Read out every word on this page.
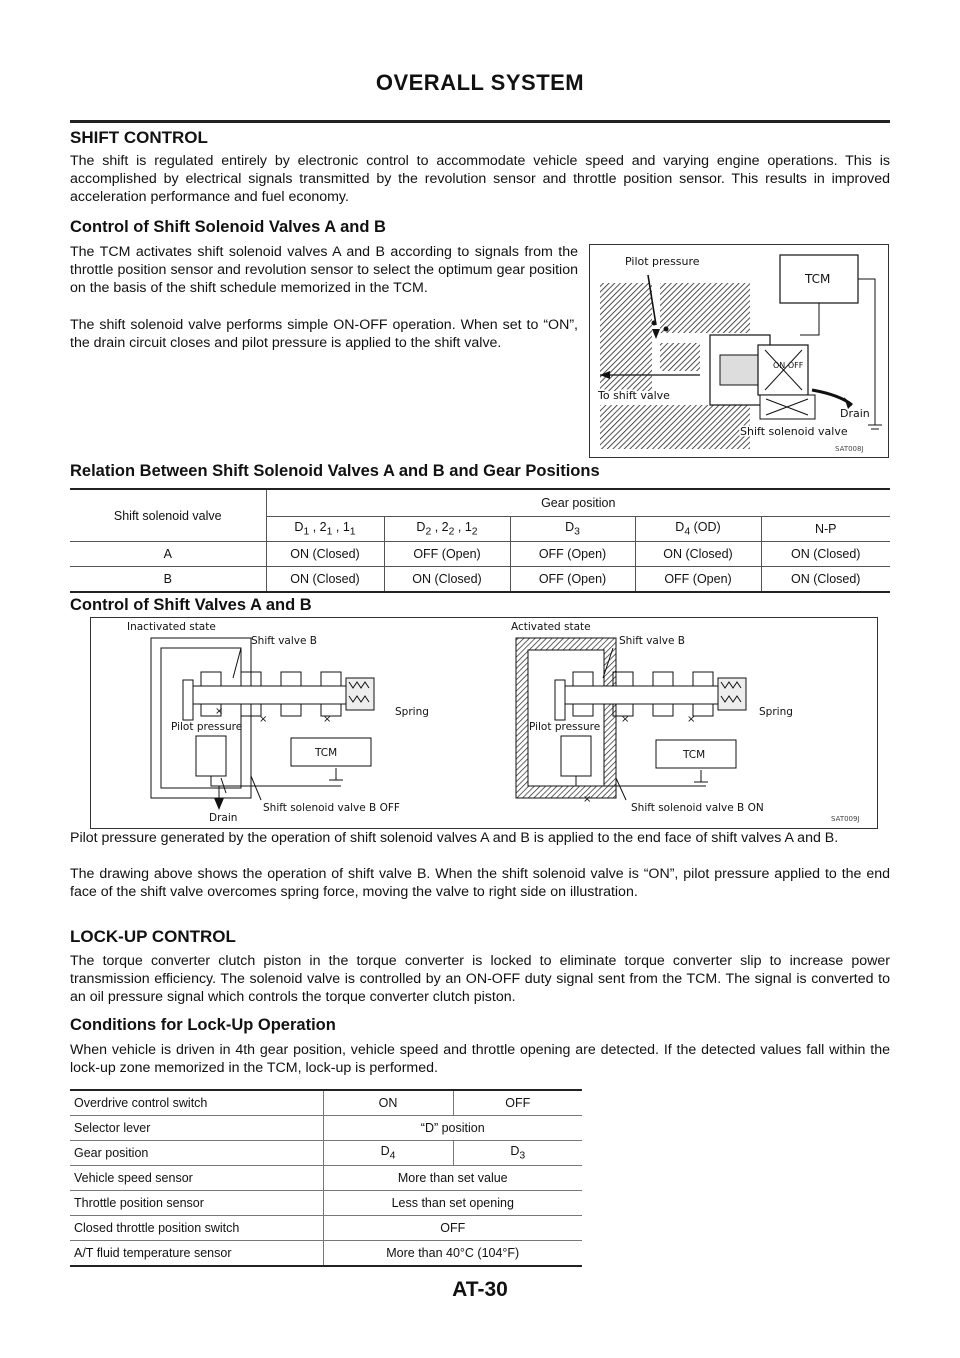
OVERALL SYSTEM
SHIFT CONTROL
The shift is regulated entirely by electronic control to accommodate vehicle speed and varying engine operations. This is accomplished by electrical signals transmitted by the revolution sensor and throttle position sensor. This results in improved acceleration performance and fuel economy.
Control of Shift Solenoid Valves A and B
The TCM activates shift solenoid valves A and B according to signals from the throttle position sensor and revolution sensor to select the optimum gear position on the basis of the shift schedule memorized in the TCM.
The shift solenoid valve performs simple ON-OFF operation. When set to “ON”, the drain circuit closes and pilot pressure is applied to the shift valve.
Pilot pressure
TCM
ON OFF
To shift valve
Drain
Shift solenoid valve
SAT008J
Relation Between Shift Solenoid Valves A and B and Gear Positions
Shift solenoid valve	Gear position				
	$D_1$ , $2_1$ , $1_1$	$D_2$ , $2_2$ , $1_2$	$D_3$	$D_4$ (OD)	N-P
A	ON (Closed)	OFF (Open)	OFF (Open)	ON (Closed)	ON (Closed)
B	ON (Closed)	ON (Closed)	OFF (Open)	OFF (Open)	ON (Closed)
Control of Shift Valves A and B
×
×	×
Inactivated state
Shift valve B
Spring
Pilot pressure
TCM
Drain
Shift solenoid valve B OFF
×	×
×
Activated state
Shift valve B
Spring
Pilot pressure
TCM
Shift solenoid valve B ON
SAT009J
Pilot pressure generated by the operation of shift solenoid valves A and B is applied to the end face of shift valves A and B.
The drawing above shows the operation of shift valve B. When the shift solenoid valve is “ON”, pilot pressure applied to the end face of the shift valve overcomes spring force, moving the valve to right side on illustration.
LOCK-UP CONTROL
The torque converter clutch piston in the torque converter is locked to eliminate torque converter slip to increase power transmission efficiency. The solenoid valve is controlled by an ON-OFF duty signal sent from the TCM. The signal is converted to an oil pressure signal which controls the torque converter clutch piston.
Conditions for Lock-Up Operation
When vehicle is driven in 4th gear position, vehicle speed and throttle opening are detected. If the detected values fall within the lock-up zone memorized in the TCM, lock-up is performed.
Overdrive control switch	ON	OFF
Selector lever	“D” position	
Gear position	$D_4$	$D_3$
Vehicle speed sensor	More than set value	
Throttle position sensor	Less than set opening	
Closed throttle position switch	OFF	
A/T fluid temperature sensor	More than 40°C (104°F)	
AT-30
